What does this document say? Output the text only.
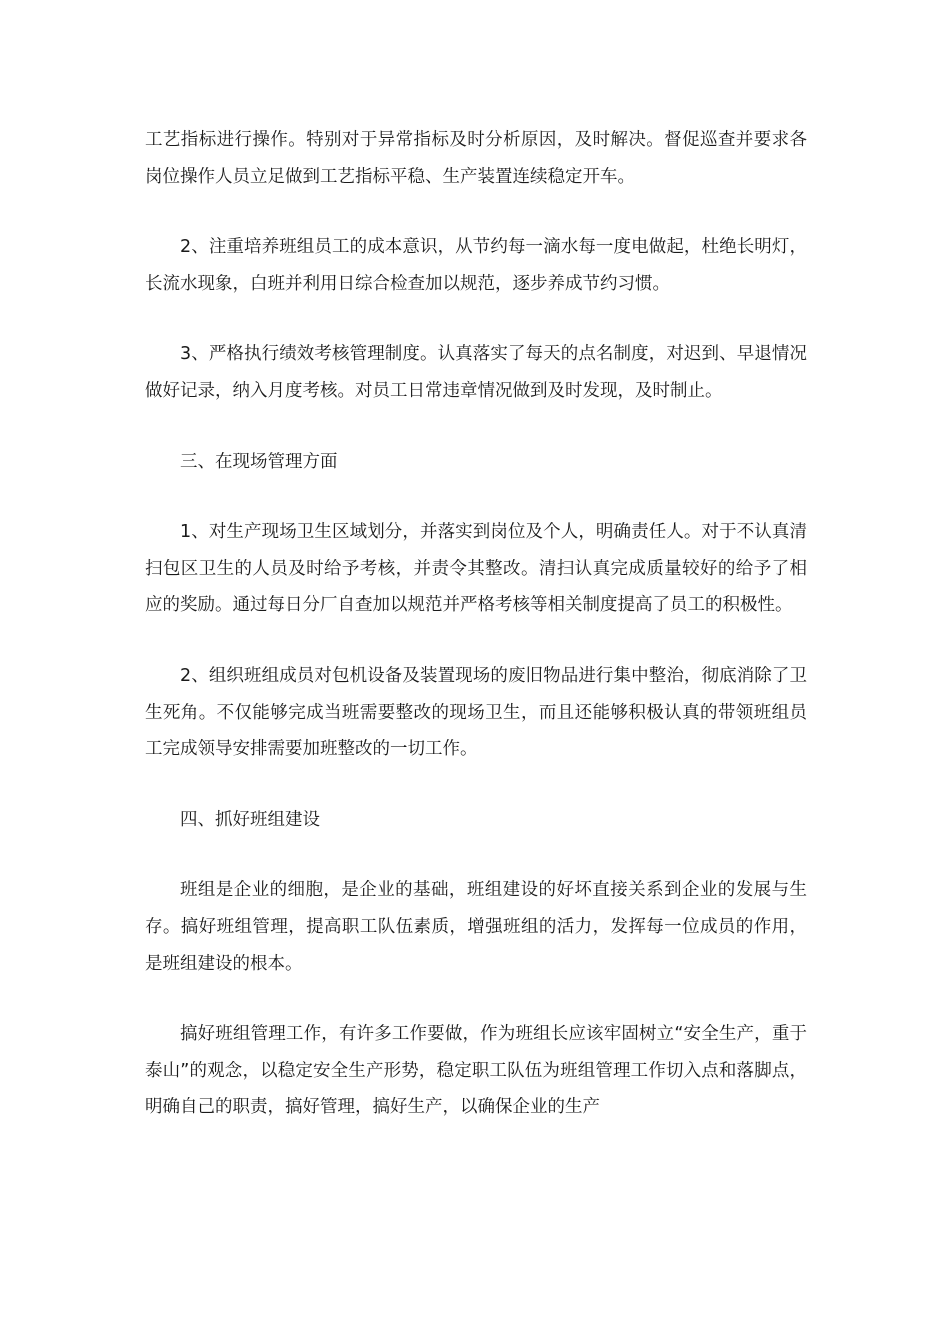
工艺指标进行操作。特别对于异常指标及时分析原因，及时解决。督促巡查并要求各岗位操作人员立足做到工艺指标平稳、生产装置连续稳定开车。

2、注重培养班组员工的成本意识，从节约每一滴水每一度电做起，杜绝长明灯，长流水现象，白班并利用日综合检查加以规范，逐步养成节约习惯。

3、严格执行绩效考核管理制度。认真落实了每天的点名制度，对迟到、早退情况做好记录，纳入月度考核。对员工日常违章情况做到及时发现，及时制止。

三、在现场管理方面

1、对生产现场卫生区域划分，并落实到岗位及个人，明确责任人。对于不认真清扫包区卫生的人员及时给予考核，并责令其整改。清扫认真完成质量较好的给予了相应的奖励。通过每日分厂自查加以规范并严格考核等相关制度提高了员工的积极性。

2、组织班组成员对包机设备及装置现场的废旧物品进行集中整治，彻底消除了卫生死角。不仅能够完成当班需要整改的现场卫生，而且还能够积极认真的带领班组员工完成领导安排需要加班整改的一切工作。

四、抓好班组建设

班组是企业的细胞，是企业的基础，班组建设的好坏直接关系到企业的发展与生存。搞好班组管理，提高职工队伍素质，增强班组的活力，发挥每一位成员的作用，是班组建设的根本。

搞好班组管理工作，有许多工作要做，作为班组长应该牢固树立“安全生产，重于泰山”的观念，以稳定安全生产形势，稳定职工队伍为班组管理工作切入点和落脚点，明确自己的职责，搞好管理，搞好生产，以确保企业的生产
